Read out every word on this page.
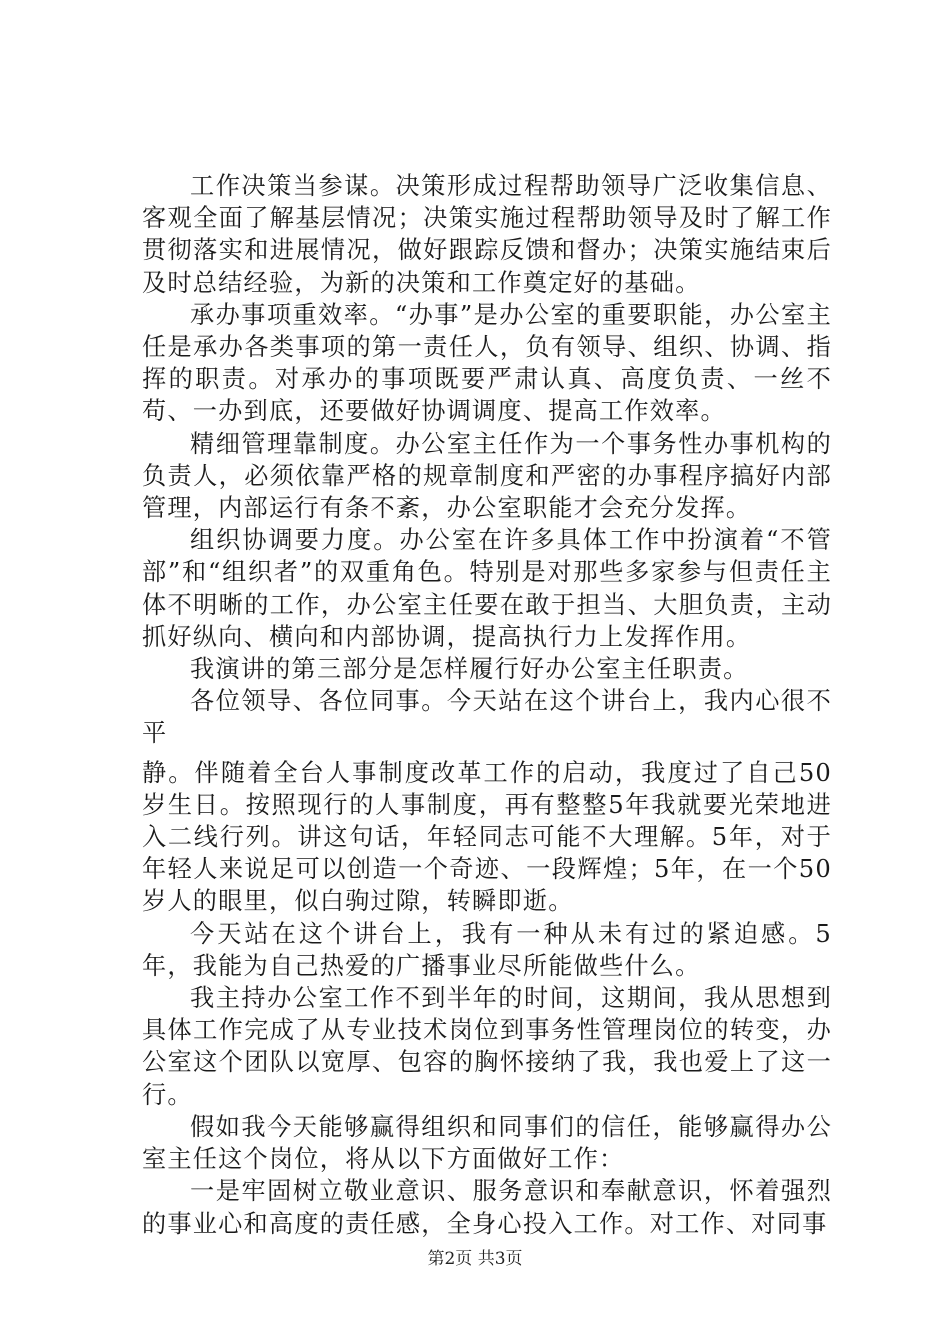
工作决策当参谋。决策形成过程帮助领导广泛收集信息、客观全面了解基层情况；决策实施过程帮助领导及时了解工作贯彻落实和进展情况，做好跟踪反馈和督办；决策实施结束后及时总结经验，为新的决策和工作奠定好的基础。

承办事项重效率。“办事”是办公室的重要职能，办公室主任是承办各类事项的第一责任人，负有领导、组织、协调、指挥的职责。对承办的事项既要严肃认真、高度负责、一丝不苟、一办到底，还要做好协调调度、提高工作效率。

精细管理靠制度。办公室主任作为一个事务性办事机构的负责人，必须依靠严格的规章制度和严密的办事程序搞好内部管理，内部运行有条不紊，办公室职能才会充分发挥。

组织协调要力度。办公室在许多具体工作中扮演着“不管部”和“组织者”的双重角色。特别是对那些多家参与但责任主体不明晰的工作，办公室主任要在敢于担当、大胆负责，主动抓好纵向、横向和内部协调，提高执行力上发挥作用。

我演讲的第三部分是怎样履行好办公室主任职责。

各位领导、各位同事。今天站在这个讲台上，我内心很不平

静。伴随着全台人事制度改革工作的启动，我度过了自己50岁生日。按照现行的人事制度，再有整整5年我就要光荣地进入二线行列。讲这句话，年轻同志可能不大理解。5年，对于年轻人来说足可以创造一个奇迹、一段辉煌；5年，在一个50岁人的眼里，似白驹过隙，转瞬即逝。

今天站在这个讲台上，我有一种从未有过的紧迫感。5年，我能为自己热爱的广播事业尽所能做些什么。

我主持办公室工作不到半年的时间，这期间，我从思想到具体工作完成了从专业技术岗位到事务性管理岗位的转变，办公室这个团队以宽厚、包容的胸怀接纳了我，我也爱上了这一行。

假如我今天能够赢得组织和同事们的信任，能够赢得办公室主任这个岗位，将从以下方面做好工作：

一是牢固树立敬业意识、服务意识和奉献意识，怀着强烈的事业心和高度的责任感，全身心投入工作。对工作、对同事

第2页 共3页
